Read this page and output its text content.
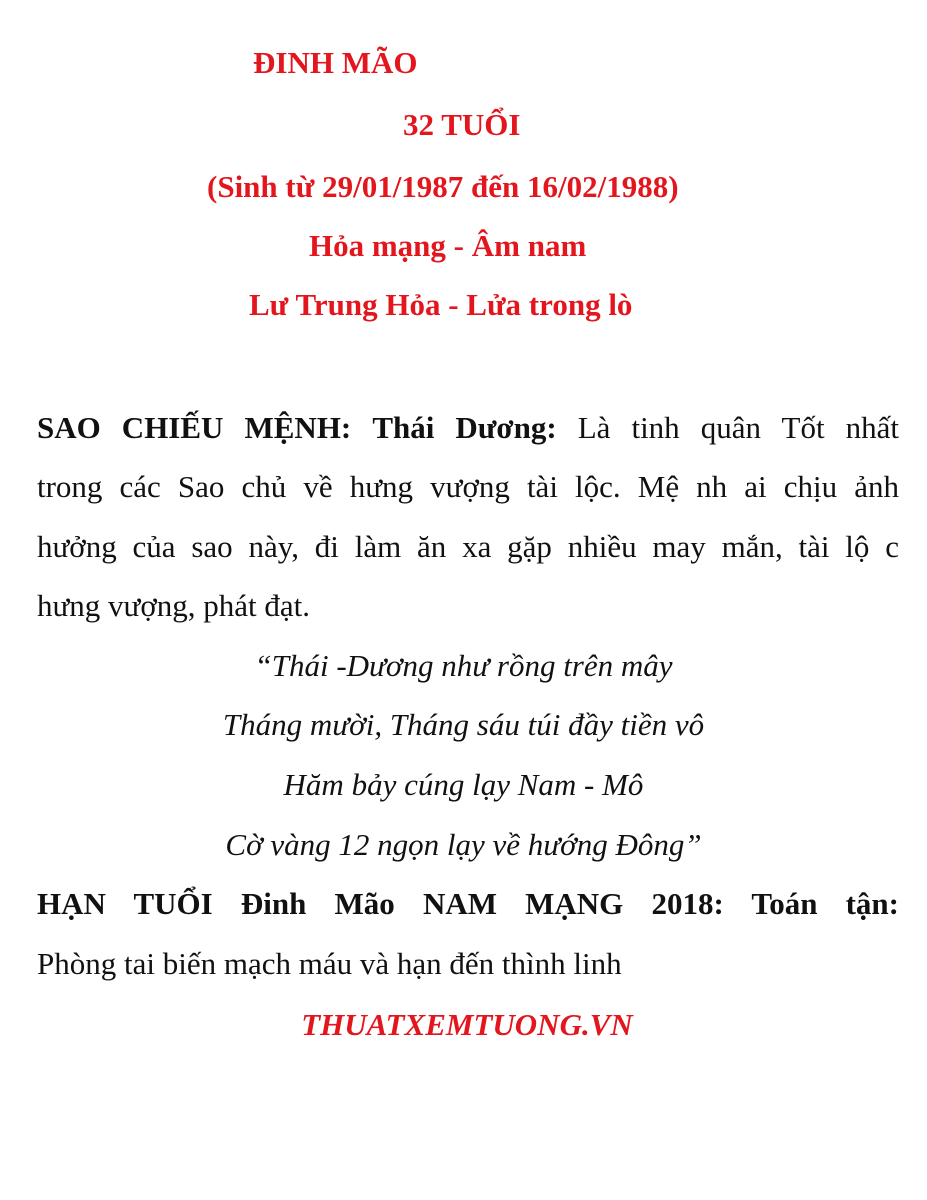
ĐINH MÃO
32 TUỔI
(Sinh từ 29/01/1987 đến 16/02/1988)
Hỏa mạng - Âm nam
Lư Trung Hỏa - Lửa trong lò
SAO CHIẾU MỆNH: Thái Dương: Là tinh quân Tốt nhất
trong các Sao chủ về hưng vượng tài lộc. Mệ nh ai chịu ảnh
hưởng của sao này, đi làm ăn xa gặp nhiều may mắn, tài lộ c
hưng vượng, phát đạt.
“Thái -Dương như rồng trên mây
Tháng mười, Tháng sáu túi đầy tiền vô
Hăm bảy cúng lạy Nam - Mô
Cờ vàng 12 ngọn lạy về hướng Đông”
HẠN TUỔI Đinh Mão NAM MẠNG 2018: Toán tận:
Phòng tai biến mạch máu và hạn đến thình linh
THUATXEMTUONG.VN
